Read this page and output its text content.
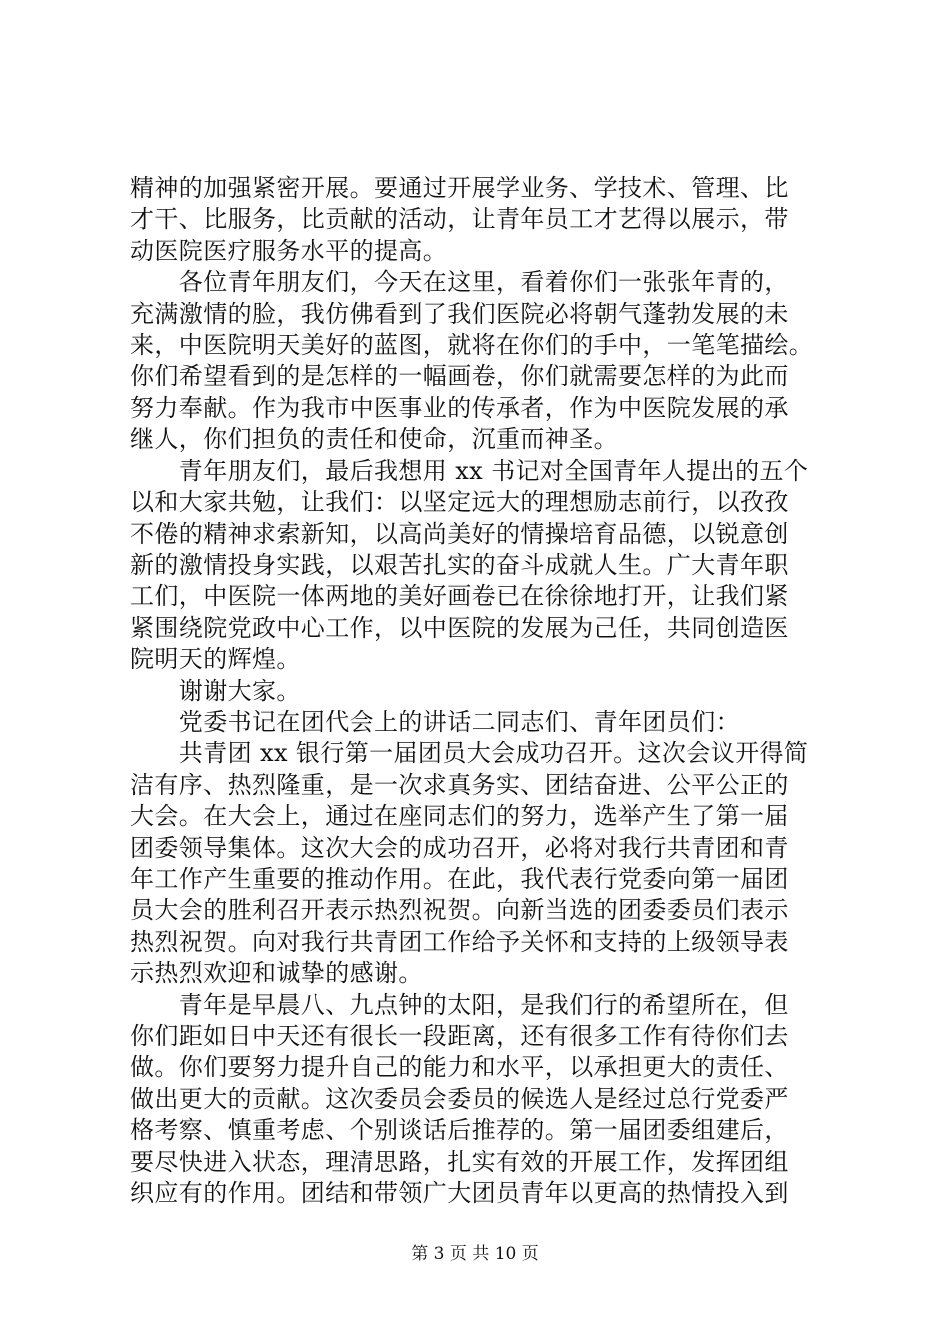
精神的加强紧密开展。要通过开展学业务、学技术、管理、比
才干、比服务，比贡献的活动，让青年员工才艺得以展示，带
动医院医疗服务水平的提高。
　　各位青年朋友们，今天在这里，看着你们一张张年青的，
充满激情的脸，我仿佛看到了我们医院必将朝气蓬勃发展的未
来，中医院明天美好的蓝图，就将在你们的手中，一笔笔描绘。
你们希望看到的是怎样的一幅画卷，你们就需要怎样的为此而
努力奉献。作为我市中医事业的传承者，作为中医院发展的承
继人，你们担负的责任和使命，沉重而神圣。
　　青年朋友们，最后我想用 xx 书记对全国青年人提出的五个
以和大家共勉，让我们：以坚定远大的理想励志前行，以孜孜
不倦的精神求索新知，以高尚美好的情操培育品德，以锐意创
新的激情投身实践，以艰苦扎实的奋斗成就人生。广大青年职
工们，中医院一体两地的美好画卷已在徐徐地打开，让我们紧
紧围绕院党政中心工作，以中医院的发展为己任，共同创造医
院明天的辉煌。
　　谢谢大家。
　　党委书记在团代会上的讲话二同志们、青年团员们：
　　共青团 xx 银行第一届团员大会成功召开。这次会议开得简
洁有序、热烈隆重，是一次求真务实、团结奋进、公平公正的
大会。在大会上，通过在座同志们的努力，选举产生了第一届
团委领导集体。这次大会的成功召开，必将对我行共青团和青
年工作产生重要的推动作用。在此，我代表行党委向第一届团
员大会的胜利召开表示热烈祝贺。向新当选的团委委员们表示
热烈祝贺。向对我行共青团工作给予关怀和支持的上级领导表
示热烈欢迎和诚挚的感谢。
　　青年是早晨八、九点钟的太阳，是我们行的希望所在，但
你们距如日中天还有很长一段距离，还有很多工作有待你们去
做。你们要努力提升自己的能力和水平，以承担更大的责任、
做出更大的贡献。这次委员会委员的候选人是经过总行党委严
格考察、慎重考虑、个别谈话后推荐的。第一届团委组建后，
要尽快进入状态，理清思路，扎实有效的开展工作，发挥团组
织应有的作用。团结和带领广大团员青年以更高的热情投入到
第 3 页 共 10 页
